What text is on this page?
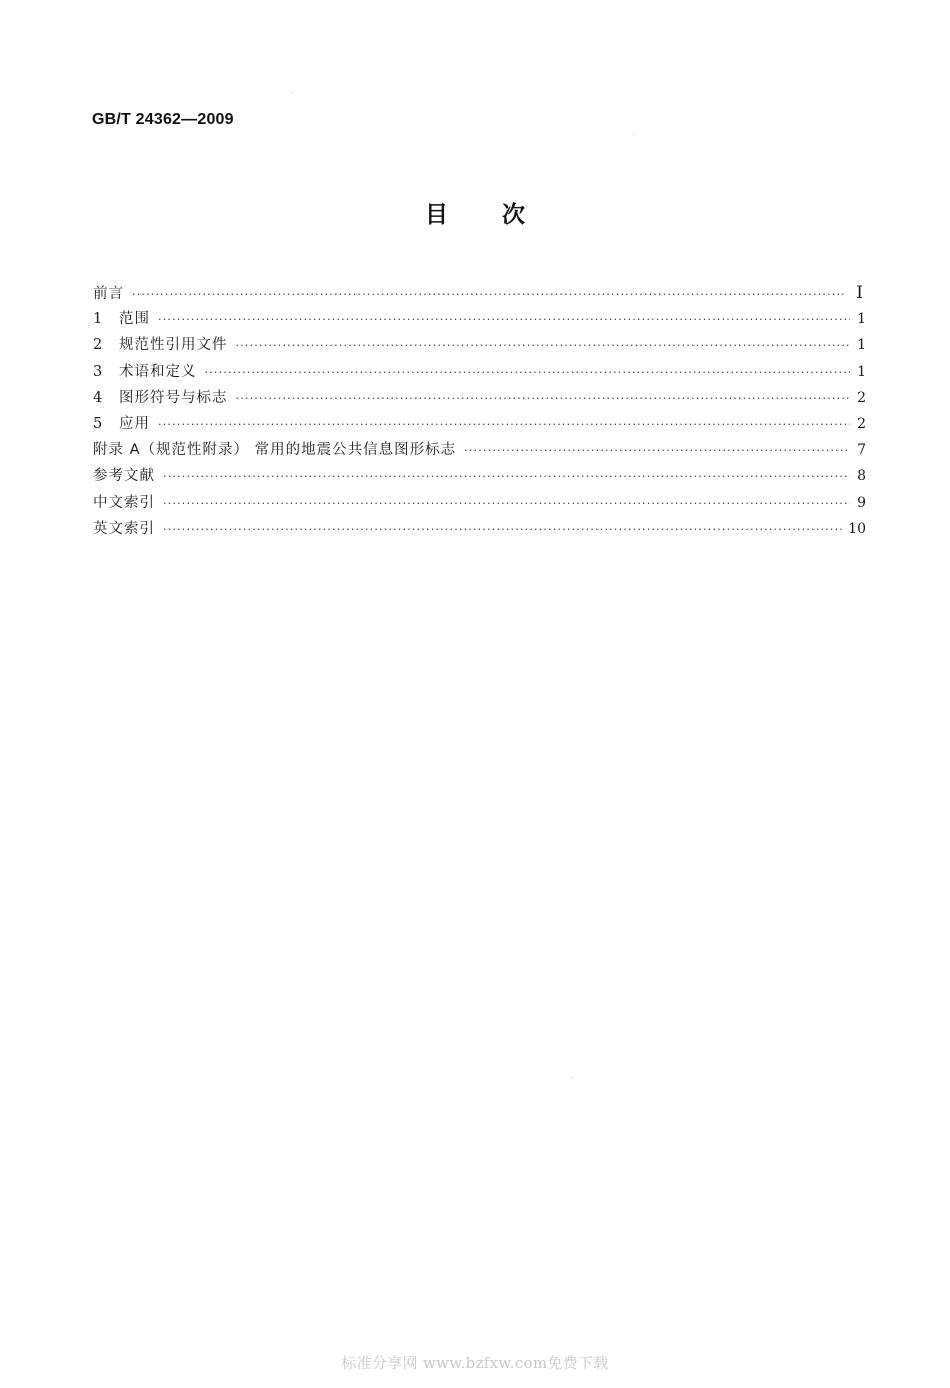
GB/T 24362—2009
目次
前言 ·····	I
1	范围 ·····	1
2	规范性引用文件 ·····	1
3	术语和定义 ·····	1
4	图形符号与标志 ·····	2
5	应用 ·····	2
附录 A（规范性附录） 常用的地震公共信息图形标志 ·····	7
参考文献 ·····	8
中文索引 ·····	9
英文索引 ·····	10
标准分享网 www.bzfxw.com免费下载
